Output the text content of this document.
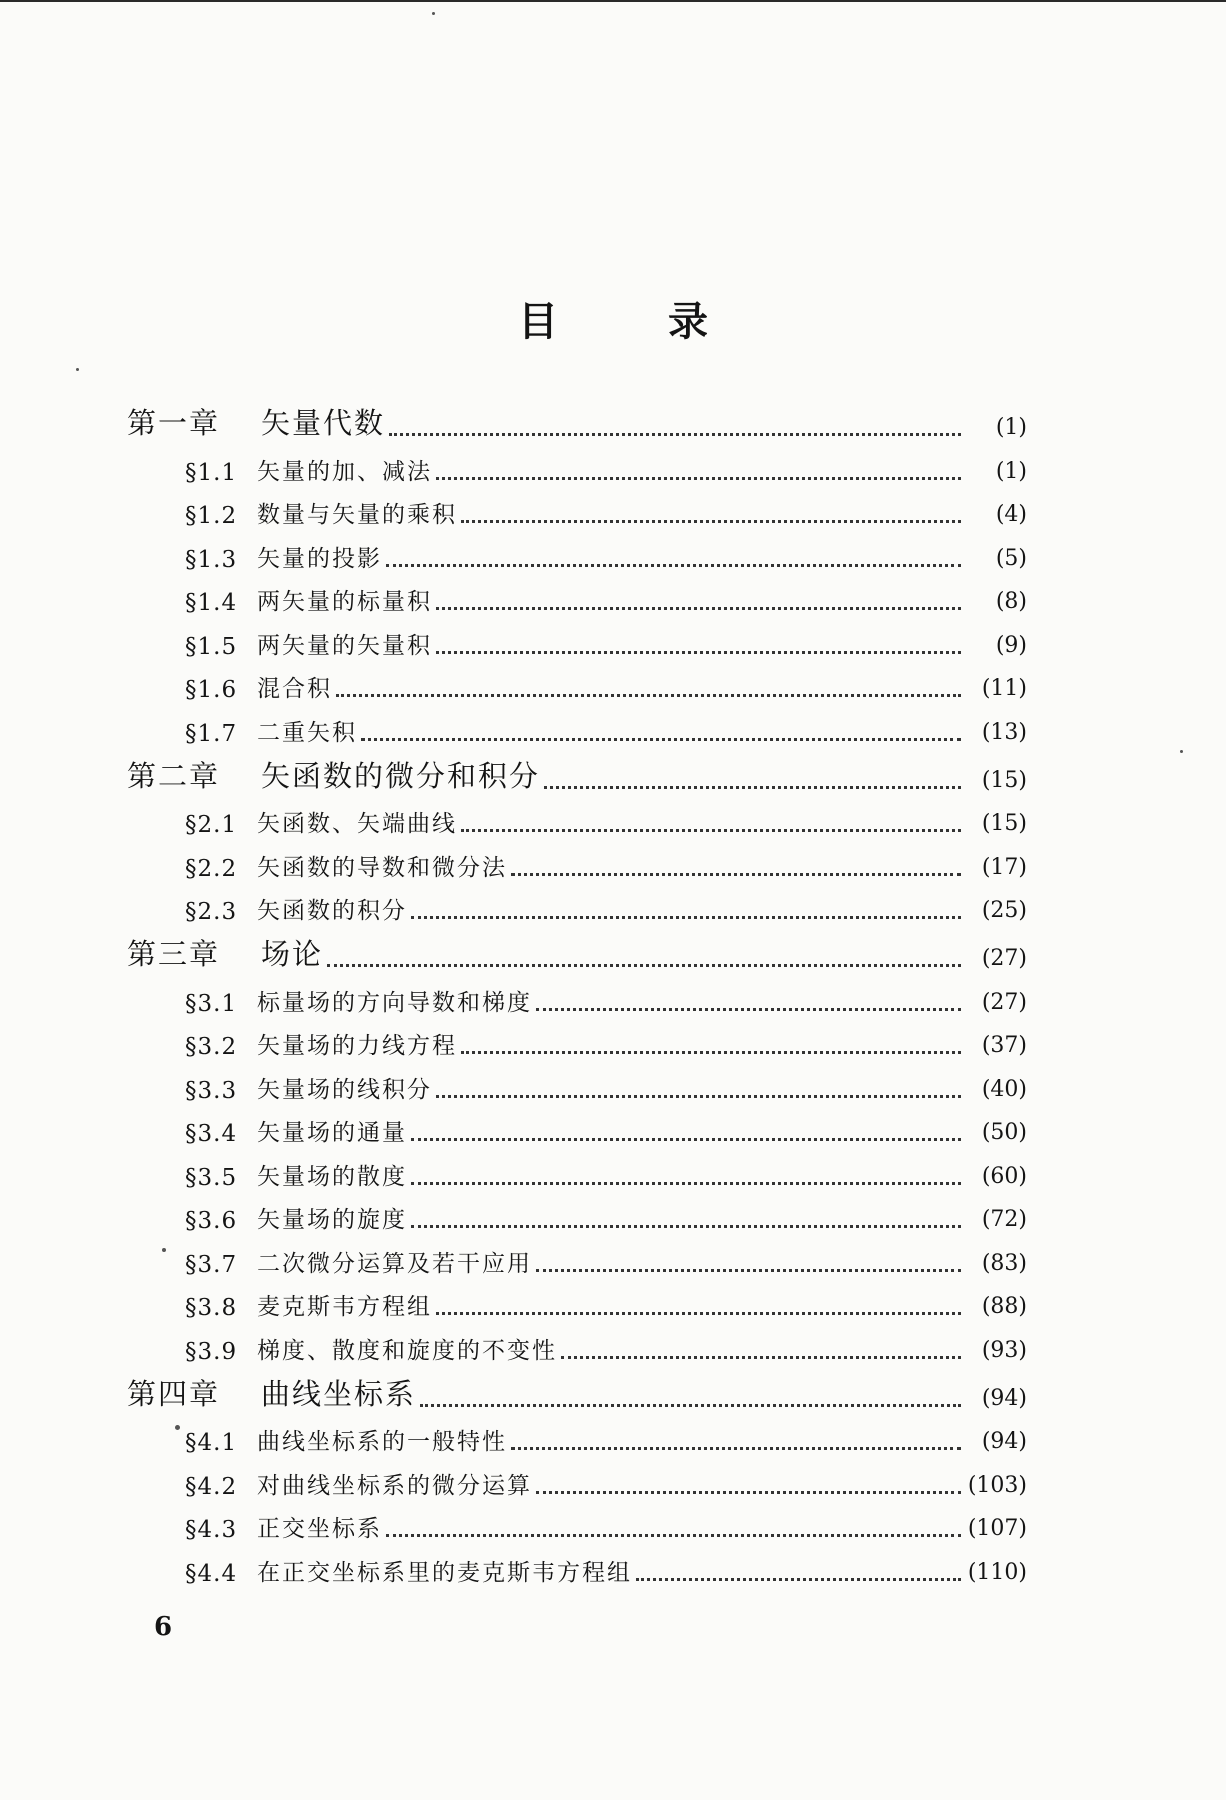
目 录
第一章	矢量代数	(1)
§1.1 矢量的加、减法	(1)
§1.2 数量与矢量的乘积	(4)
§1.3 矢量的投影	(5)
§1.4 两矢量的标量积	(8)
§1.5 两矢量的矢量积	(9)
§1.6 混合积	(11)
§1.7 二重矢积	(13)
第二章	矢函数的微分和积分	(15)
§2.1 矢函数、矢端曲线	(15)
§2.2 矢函数的导数和微分法	(17)
§2.3 矢函数的积分	(25)
第三章	场论	(27)
§3.1 标量场的方向导数和梯度	(27)
§3.2 矢量场的力线方程	(37)
§3.3 矢量场的线积分	(40)
§3.4 矢量场的通量	(50)
§3.5 矢量场的散度	(60)
§3.6 矢量场的旋度	(72)
§3.7 二次微分运算及若干应用	(83)
§3.8 麦克斯韦方程组	(88)
§3.9 梯度、散度和旋度的不变性	(93)
第四章	曲线坐标系	(94)
§4.1 曲线坐标系的一般特性	(94)
§4.2 对曲线坐标系的微分运算	(103)
§4.3 正交坐标系	(107)
§4.4 在正交坐标系里的麦克斯韦方程组	(110)
6
